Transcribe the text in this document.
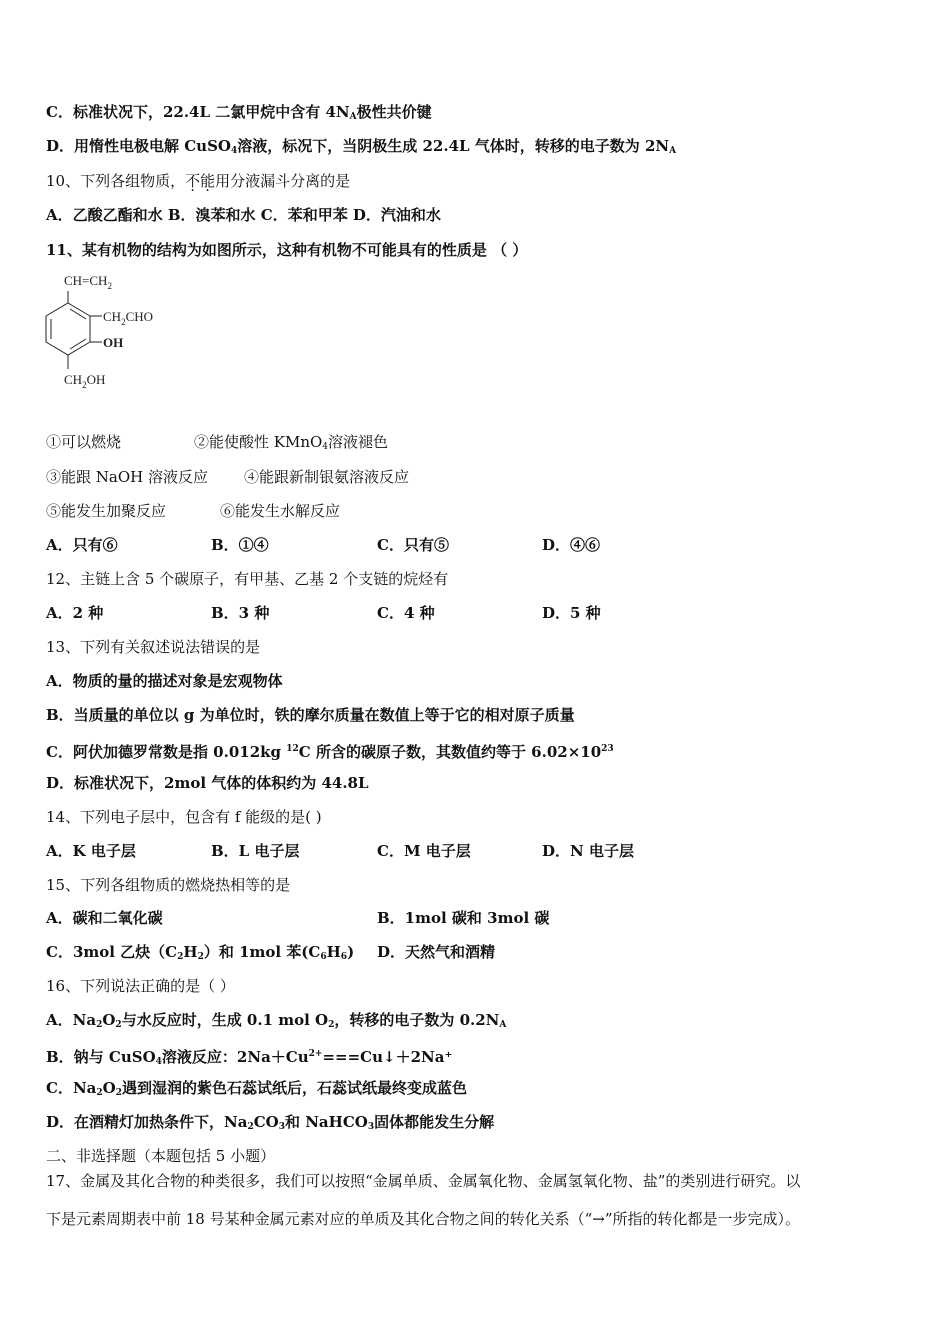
C．标准状况下，22.4L 二氯甲烷中含有 $4N_A$极性共价键
D．用惰性电极电解 CuSO$_4$溶液，标况下，当阴极生成 22.4L 气体时，转移的电子数为 $2N_A$
10、下列各组物质，不能用分液漏斗分离的是
A．乙酸乙酯和水 B．溴苯和水 C．苯和甲苯 D．汽油和水
11、某有机物的结构为如图所示，这种有机物不可能具有的性质是 （ ）
$CH=CH_2$
$CH_2CHO$
OH
$CH_2OH$
①可以燃烧	②能使酸性 KMnO$_4$溶液褪色
③能跟 NaOH 溶液反应 ④能跟新制银氨溶液反应
⑤能发生加聚反应	⑥能发生水解反应
A．只有⑥	B．①④	C．只有⑤	D．④⑥
12、主链上含 5 个碳原子，有甲基、乙基 2 个支链的烷烃有
A．2 种	B．3 种	C．4 种	D．5 种
13、下列有关叙述说法错误的是
A．物质的量的描述对象是宏观物体
B．当质量的单位以 g 为单位时，铁的摩尔质量在数值上等于它的相对原子质量
C．阿伏加德罗常数是指 0.012kg $^{12}$C 所含的碳原子数，其数值约等于 $6.02\times 10^{23}$
D．标准状况下，2mol 气体的体积约为 44.8L
14、下列电子层中，包含有 f 能级的是( )
A．K 电子层	B．L 电子层	C．M 电子层	D．N 电子层
15、下列各组物质的燃烧热相等的是
A．碳和二氧化碳	B．1mol 碳和 3mol 碳
C．3mol 乙炔$(C_2H_2)$和 1mol 苯$(C_6H_6)$ D．天然气和酒精
16、下列说法正确的是（ ）
A．$Na_2O_2$与水反应时，生成 0.1 mol $O_2$，转移的电子数为 $0.2N_A$
B．钠与 CuSO$_4$溶液反应：$2Na+Cu^{2+}===Cu↓+2Na^+$
C．$Na_2O_2$遇到湿润的紫色石蕊试纸后，石蕊试纸最终变成蓝色
D．在酒精灯加热条件下，$Na_2CO_3$和 NaHCO$_3$固体都能发生分解
二、非选择题（本题包括 5 小题）
17、金属及其化合物的种类很多，我们可以按照“金属单质、金属氧化物、金属氢氧化物、盐”的类别进行研究。以
下是元素周期表中前 18 号某种金属元素对应的单质及其化合物之间的转化关系（“→”所指的转化都是一步完成）。
